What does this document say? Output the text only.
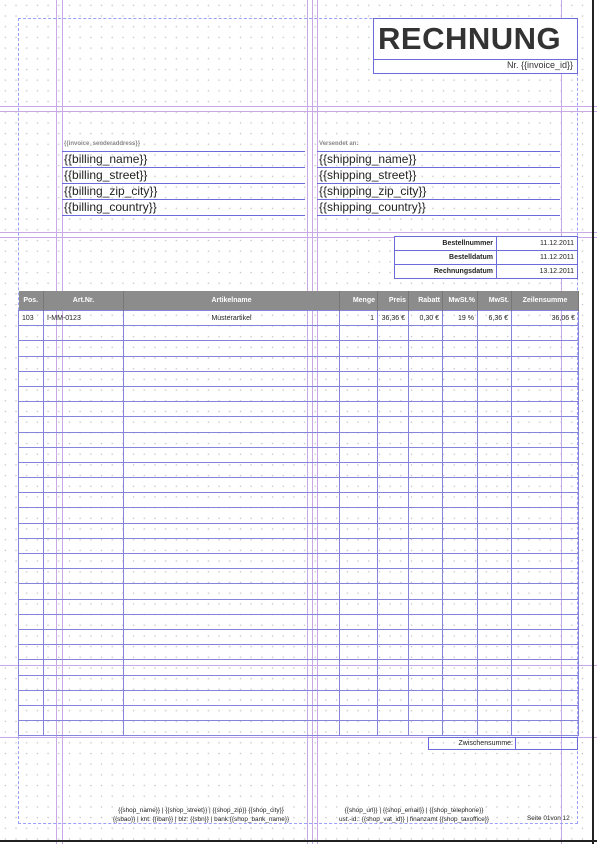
RECHNUNG
Nr. {{invoice_id}}
{{invoice_senderaddress}}
{{billing_name}}
{{billing_street}}
{{billing_zip_city}}
{{billing_country}}
Versendet an:
{{shipping_name}}
{{shipping_street}}
{{shipping_zip_city}}
{{shipping_country}}
Bestellnummer	11.12.2011
Bestelldatum	11.12.2011
Rechnungsdatum	13.12.2011
Pos.	Art.Nr.	Artikelname	Menge	Preis	Rabatt	MwSt.%	MwSt.	Zeilensumme
103	I-MM-0123	Musterartikel	1	36,36 €	0,30 €	19 %	6,36 €	36,06 €

Zwischensumme:
{{shop_name}} | {{shop_street}} | {{shop_zip}} {{shop_city}}
{{sbao}} | knt: {{iban}} | blz: {{sbn}} | bank:{{shop_bank_name}}
{{shop_url}} | {{shop_email}} | {{shop_telephone}}
ust.-id.: {{shop_vat_id}} | finanzamt {{shop_taxoffice}}	Seite 01von 12
